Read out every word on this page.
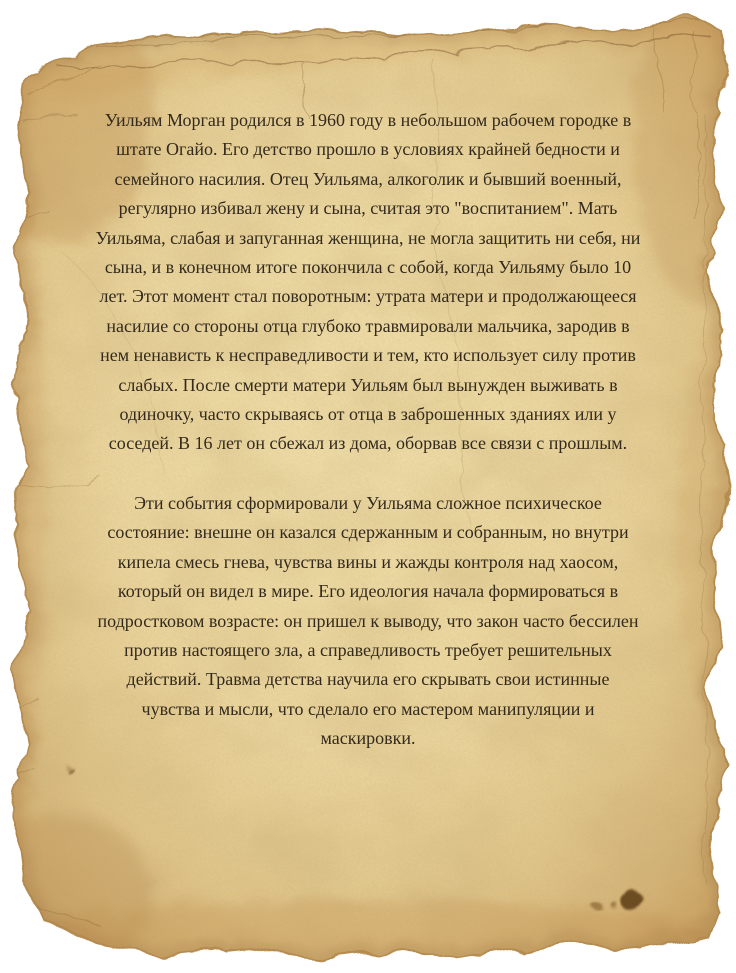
Уильям Морган родился в 1960 году в небольшом рабочем городке в штате Огайо. Его детство прошло в условиях крайней бедности и семейного насилия. Отец Уильяма, алкоголик и бывший военный, регулярно избивал жену и сына, считая это "воспитанием". Мать Уильяма, слабая и запуганная женщина, не могла защитить ни себя, ни сына, и в конечном итоге покончила с собой, когда Уильяму было 10 лет. Этот момент стал поворотным: утрата матери и продолжающееся насилие со стороны отца глубоко травмировали мальчика, зародив в нем ненависть к несправедливости и тем, кто использует силу против слабых. После смерти матери Уильям был вынужден выживать в одиночку, часто скрываясь от отца в заброшенных зданиях или у соседей. В 16 лет он сбежал из дома, оборвав все связи с прошлым.

Эти события сформировали у Уильяма сложное психическое состояние: внешне он казался сдержанным и собранным, но внутри кипела смесь гнева, чувства вины и жажды контроля над хаосом, который он видел в мире. Его идеология начала формироваться в подростковом возрасте: он пришел к выводу, что закон часто бессилен против настоящего зла, а справедливость требует решительных действий. Травма детства научила его скрывать свои истинные чувства и мысли, что сделало его мастером манипуляции и маскировки.
